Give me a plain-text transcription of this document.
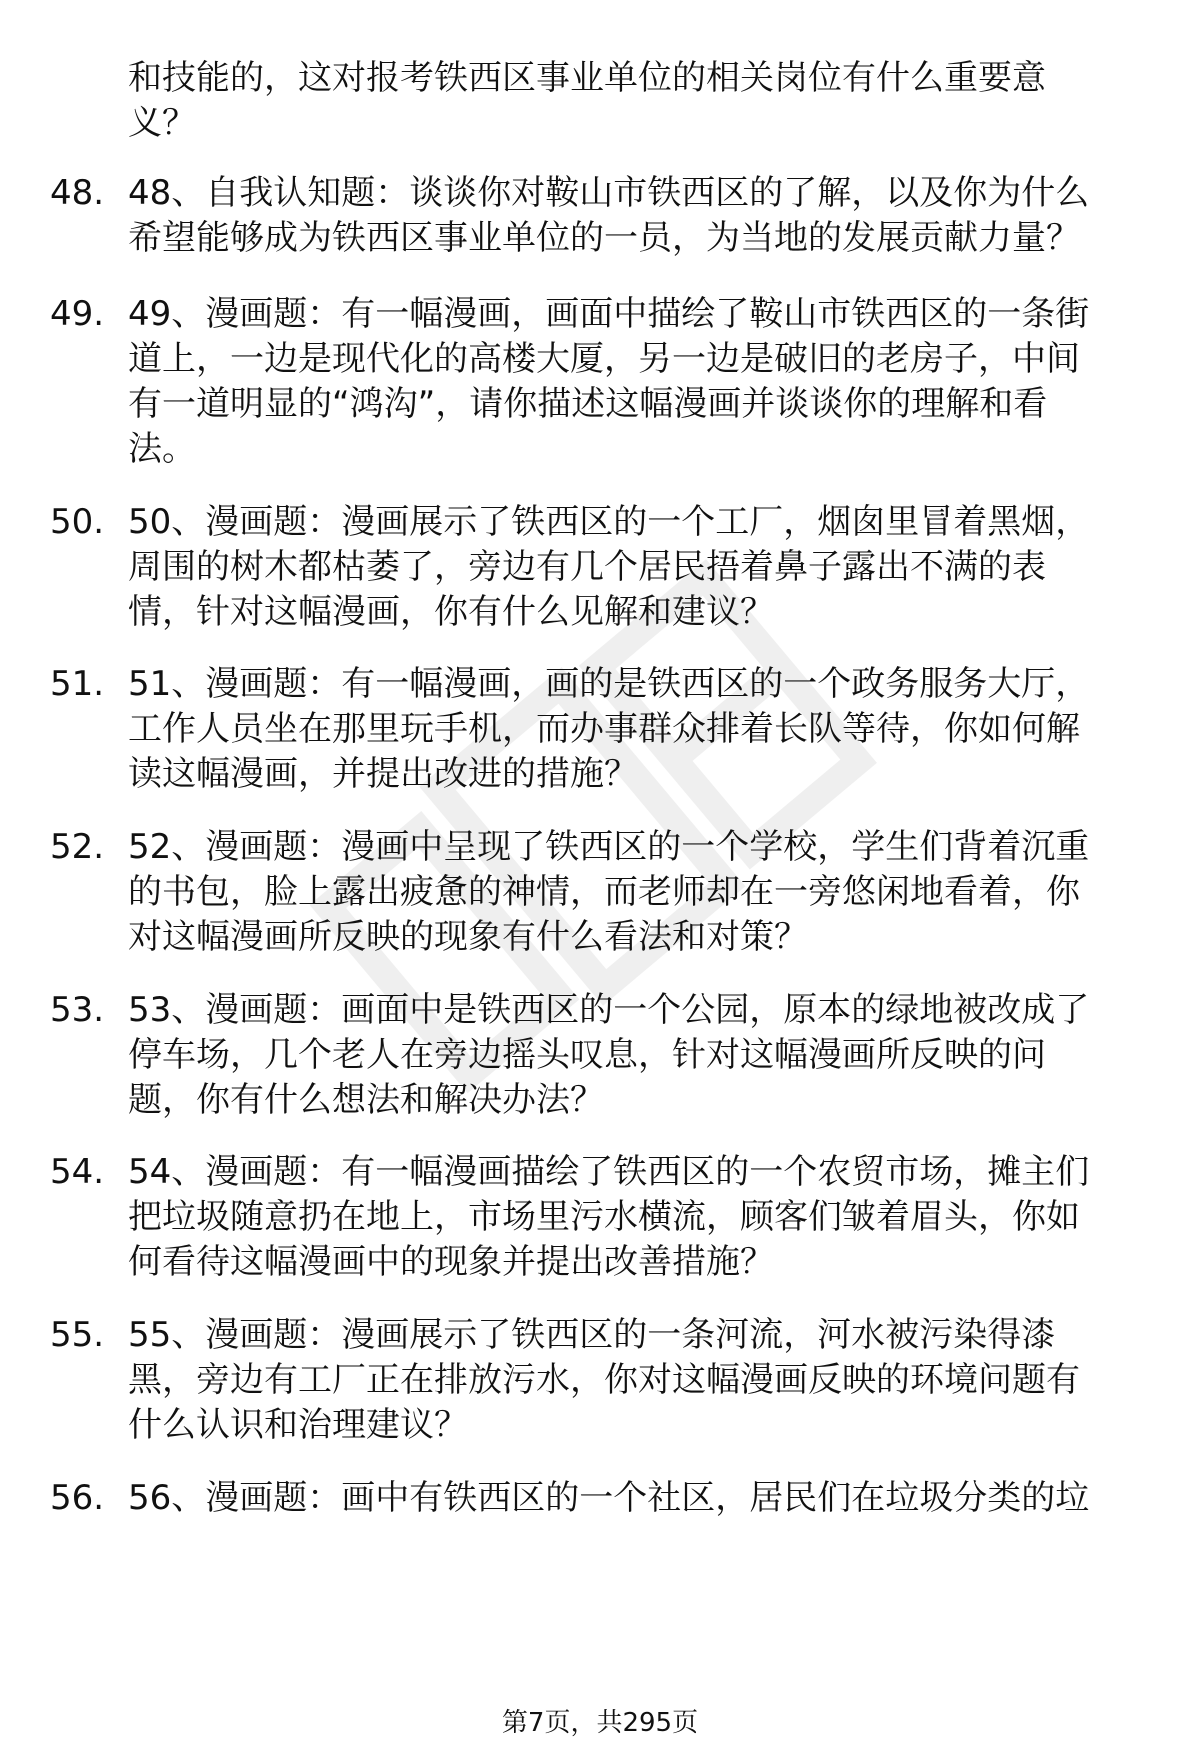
和技能的，这对报考铁西区事业单位的相关岗位有什么重要意
义？
48. 48、自我认知题：谈谈你对鞍山市铁西区的了解，以及你为什么
希望能够成为铁西区事业单位的一员，为当地的发展贡献力量？
49. 49、漫画题：有一幅漫画，画面中描绘了鞍山市铁西区的一条街
道上，一边是现代化的高楼大厦，另一边是破旧的老房子，中间
有一道明显的“鸿沟”，请你描述这幅漫画并谈谈你的理解和看
法。
50. 50、漫画题：漫画展示了铁西区的一个工厂，烟囱里冒着黑烟，
周围的树木都枯萎了，旁边有几个居民捂着鼻子露出不满的表
情，针对这幅漫画，你有什么见解和建议？
51. 51、漫画题：有一幅漫画，画的是铁西区的一个政务服务大厅，
工作人员坐在那里玩手机，而办事群众排着长队等待，你如何解
读这幅漫画，并提出改进的措施？
52. 52、漫画题：漫画中呈现了铁西区的一个学校，学生们背着沉重
的书包，脸上露出疲惫的神情，而老师却在一旁悠闲地看着，你
对这幅漫画所反映的现象有什么看法和对策？
53. 53、漫画题：画面中是铁西区的一个公园，原本的绿地被改成了
停车场，几个老人在旁边摇头叹息，针对这幅漫画所反映的问
题，你有什么想法和解决办法？
54. 54、漫画题：有一幅漫画描绘了铁西区的一个农贸市场，摊主们
把垃圾随意扔在地上，市场里污水横流，顾客们皱着眉头，你如
何看待这幅漫画中的现象并提出改善措施？
55. 55、漫画题：漫画展示了铁西区的一条河流，河水被污染得漆
黑，旁边有工厂正在排放污水，你对这幅漫画反映的环境问题有
什么认识和治理建议？
56. 56、漫画题：画中有铁西区的一个社区，居民们在垃圾分类的垃
第7页，共295页
